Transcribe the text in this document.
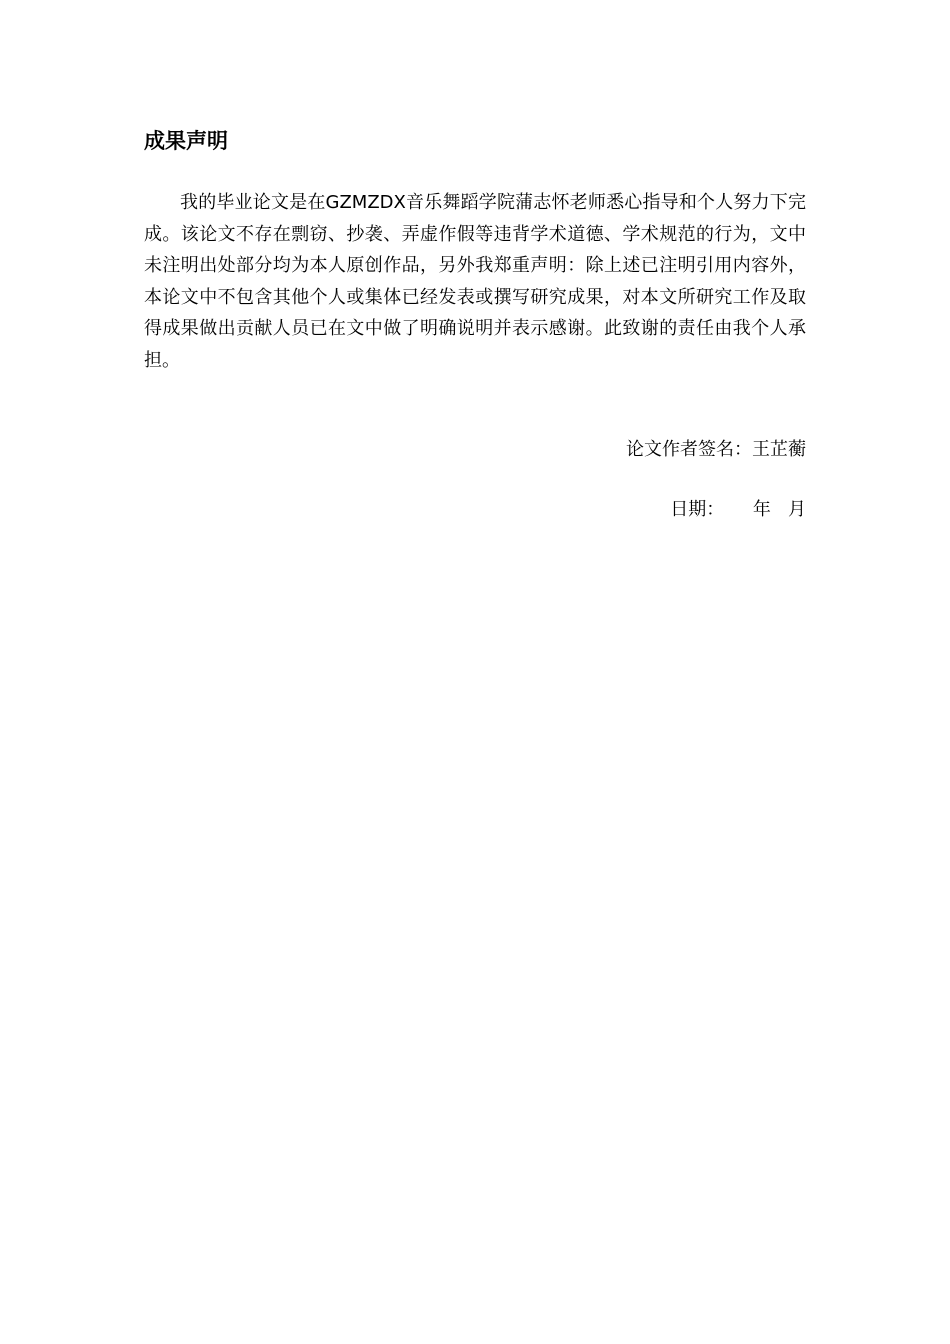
成果声明
我的毕业论文是在GZMZDX音乐舞蹈学院蒲志怀老师悉心指导和个人努力下完成。该论文不存在剽窃、抄袭、弄虚作假等违背学术道德、学术规范的行为，文中未注明出处部分均为本人原创作品，另外我郑重声明：除上述已注明引用内容外，本论文中不包含其他个人或集体已经发表或撰写研究成果，对本文所研究工作及取得成果做出贡献人员已在文中做了明确说明并表示感谢。此致谢的责任由我个人承担。
论文作者签名：王芷蘅
日期：     年   月
